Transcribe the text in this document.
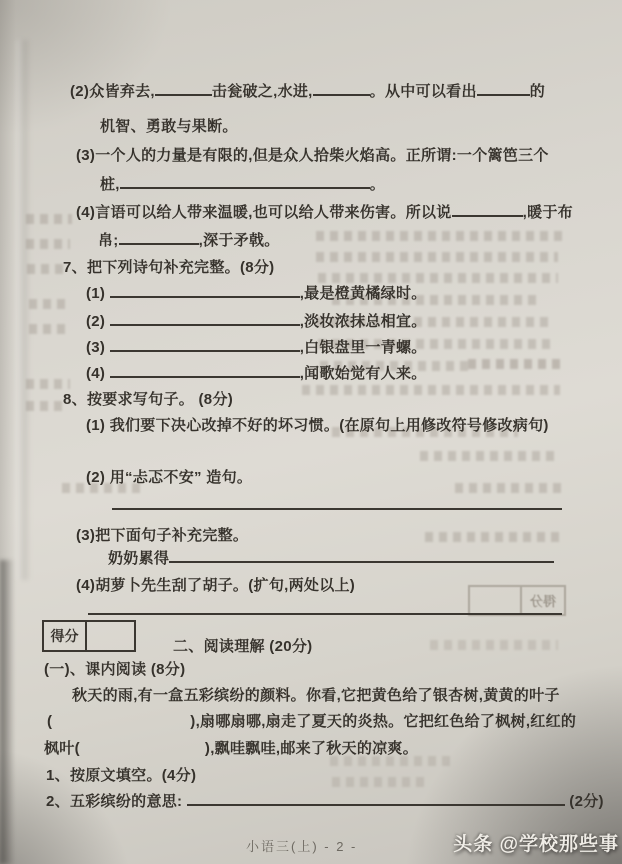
得分
(2)众皆弃去,	击瓮破之,水进,	。从中可以看出	的
机智、勇敢与果断。
(3)一个人的力量是有限的,但是众人拾柴火焰高。正所谓:一个篱笆三个
桩,	。
(4)言语可以给人带来温暖,也可以给人带来伤害。所以说	,暖于布
帛;	,深于矛戟。
7、把下列诗句补充完整。(8分)
(1)	,最是橙黄橘绿时。
(2)	,淡妆浓抹总相宜。
(3)	,白银盘里一青螺。
(4)	,闻歌始觉有人来。
8、按要求写句子。 (8分)
(1) 我们要下决心改掉不好的坏习惯。(在原句上用修改符号修改病句)
(2) 用“忐忑不安” 造句。
(3)把下面句子补充完整。
奶奶累得
(4)胡萝卜先生刮了胡子。(扩句,两处以上)
得分
二、阅读理解 (20分)
(一)、课内阅读 (8分)
秋天的雨,有一盒五彩缤纷的颜料。你看,它把黄色给了银杏树,黄黄的叶子
(	),扇哪扇哪,扇走了夏天的炎热。它把红色给了枫树,红红的
枫叶(	),飘哇飘哇,邮来了秋天的凉爽。
1、按原文填空。(4分)
2、五彩缤纷的意思:	(2分)
小语三(上) - 2 -	头条 @学校那些事
